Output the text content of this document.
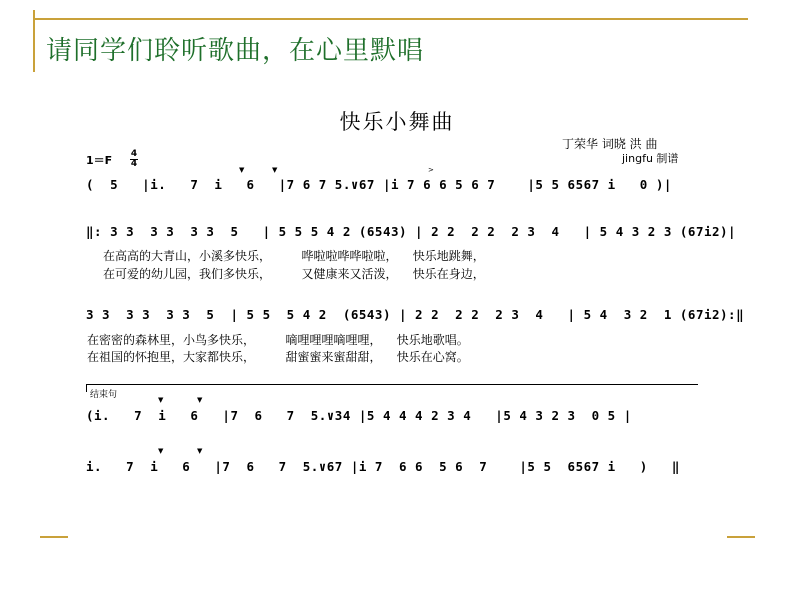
请同学们聆听歌曲，在心里默唱
快乐小舞曲
丁荣华 词晓 洪 曲
jingfu 制谱
1＝F 4
4
▼	▼	>
(  5   |i.   7  i   6   |7 6 7 5.∨67 |i 7 6 6 5 6 7    |5 5 6567 i   0 )|
‖: 3 3  3 3  3 3  5   | 5 5 5 4 2 (6543) | 2 2  2 2  2 3  4   | 5 4 3 2 3 (67i2)|
在高高的大青山，小溪多快乐，        哗啦啦哗哗啦啦，    快乐地跳舞，
在可爱的幼儿园，我们多快乐，        又健康来又活泼，    快乐在身边，
3 3  3 3  3 3  5  | 5 5  5 4 2  (6543) | 2 2  2 2  2 3  4   | 5 4  3 2  1 (67i2):‖
在密密的森林里，小鸟多快乐，        嘀哩哩哩嘀哩哩，    快乐地歌唱。
在祖国的怀抱里，大家都快乐，        甜蜜蜜来蜜甜甜，    快乐在心窝。
结束句	▼	▼
(i.   7  i   6   |7  6   7  5.∨34 |5 4 4 4 2 3 4   |5 4 3 2 3  0 5 |
▼	▼
i.   7  i   6   |7  6   7  5.∨67 |i 7  6 6  5 6  7    |5 5  6567 i   )   ‖
